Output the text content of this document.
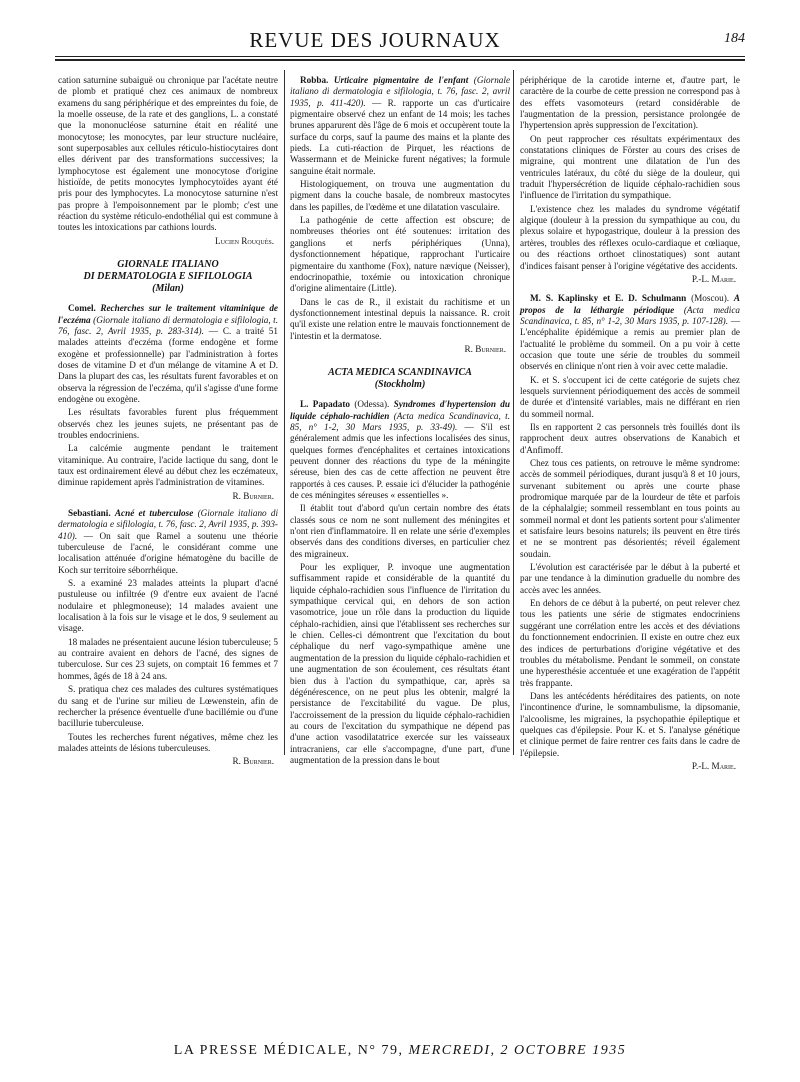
REVUE DES JOURNAUX	184

cation saturnine subaiguë ou chronique par l'acétate neutre de plomb et pratiqué chez ces animaux de nombreux examens du sang périphérique et des empreintes du foie, de la moelle osseuse, de la rate et des ganglions, L. a constaté que la mononucléose saturnine était en réalité une monocytose; les monocytes, par leur structure nucléaire, sont superposables aux cellules réticulo-histiocytaires dont elles dérivent par des transformations successives; la lymphocytose est également une monocytose d'origine histioïde, de petits monocytes lymphocytoïdes ayant été pris pour des lymphocytes. La monocytose saturnine n'est pas propre à l'empoisonnement par le plomb; c'est une réaction du système réticulo-endothélial qui est commune à toutes les intoxications par cathions lourds.

Lucien Rouquès.

GIORNALE ITALIANO
DI DERMATOLOGIA E SIFILOLOGIA
(Milan)

Comel. Recherches sur le traitement vitaminique de l'eczéma (Giornale italiano di dermatologia e sifilologia, t. 76, fasc. 2, Avril 1935, p. 283-314). — C. a traité 51 malades atteints d'eczéma (forme endogène et forme exogène et professionnelle) par l'administration à fortes doses de vitamine D et d'un mélange de vitamine A et D. Dans la plupart des cas, les résultats furent favorables et on observa la régression de l'eczéma, qu'il s'agisse d'une forme endogène ou exogène.

Les résultats favorables furent plus fréquemment observés chez les jeunes sujets, ne présentant pas de troubles endocriniens.

La calcémie augmente pendant le traitement vitaminique. Au contraire, l'acide lactique du sang, dont le taux est ordinairement élevé au début chez les eczémateux, diminue rapidement après l'administration de vitamines.

R. Burnier.

Sebastiani. Acné et tuberculose (Giornale italiano di dermatologia e sifilologia, t. 76, fasc. 2, Avril 1935, p. 393-410). — On sait que Ramel a soutenu une théorie tuberculeuse de l'acné, le considérant comme une localisation atténuée d'origine hématogène du bacille de Koch sur territoire séborrhéique.

S. a examiné 23 malades atteints la plupart d'acné pustuleuse ou infiltrée (9 d'entre eux avaient de l'acné nodulaire et phlegmoneuse); 14 malades avaient une localisation à la fois sur le visage et le dos, 9 seulement au visage.

18 malades ne présentaient aucune lésion tuberculeuse; 5 au contraire avaient en dehors de l'acné, des signes de tuberculose. Sur ces 23 sujets, on comptait 16 femmes et 7 hommes, âgés de 18 à 24 ans.

S. pratiqua chez ces malades des cultures systématiques du sang et de l'urine sur milieu de Lœwenstein, afin de rechercher la présence éventuelle d'une bacillémie ou d'une bacillurie tuberculeuse.

Toutes les recherches furent négatives, même chez les malades atteints de lésions tuberculeuses.

R. Burnier.

Robba. Urticaire pigmentaire de l'enfant (Giornale italiano di dermatologia e sifilologia, t. 76, fasc. 2, avril 1935, p. 411-420). — R. rapporte un cas d'urticaire pigmentaire observé chez un enfant de 14 mois; les taches brunes apparurent dès l'âge de 6 mois et occupèrent toute la surface du corps, sauf la paume des mains et la plante des pieds. La cuti-réaction de Pirquet, les réactions de Wassermann et de Meinicke furent négatives; la formule sanguine était normale.

Histologiquement, on trouva une augmentation du pigment dans la couche basale, de nombreux mastocytes dans les papilles, de l'œdème et une dilatation vasculaire.

La pathogénie de cette affection est obscure; de nombreuses théories ont été soutenues: irritation des ganglions et nerfs périphériques (Unna), dysfonctionnement hépatique, rapprochant l'urticaire pigmentaire du xanthome (Fox), nature nævique (Neisser), endocrinopathie, toxémie ou intoxication chronique d'origine alimentaire (Little).

Dans le cas de R., il existait du rachitisme et un dysfonctionnement intestinal depuis la naissance. R. croit qu'il existe une relation entre le mauvais fonctionnement de l'intestin et la dermatose.

R. Burnier.

ACTA MEDICA SCANDINAVICA
(Stockholm)

L. Papadato (Odessa). Syndromes d'hypertension du liquide céphalo-rachidien (Acta medica Scandinavica, t. 85, n° 1-2, 30 Mars 1935, p. 33-49). — S'il est généralement admis que les infections localisées des sinus, quelques formes d'encéphalites et certaines intoxications peuvent donner des réactions du type de la méningite séreuse, bien des cas de cette affection ne peuvent être rapportés à ces causes. P. essaie ici d'élucider la pathogénie de ces méningites séreuses « essentielles ».

Il établit tout d'abord qu'un certain nombre des états classés sous ce nom ne sont nullement des méningites et n'ont rien d'inflammatoire. Il en relate une série d'exemples observés dans des conditions diverses, en particulier chez des migraineux.

Pour les expliquer, P. invoque une augmentation suffisamment rapide et considérable de la quantité du liquide céphalo-rachidien sous l'influence de l'irritation du sympathique cervical qui, en dehors de son action vasomotrice, joue un rôle dans la production du liquide céphalo-rachidien, ainsi que l'établissent ses recherches sur le chien. Celles-ci démontrent que l'excitation du bout céphalique du nerf vago-sympathique amène une augmentation de la pression du liquide céphalo-rachidien et une augmentation de son écoulement, ces résultats étant bien dus à l'action du sympathique, car, après sa dégénérescence, on ne peut plus les obtenir, malgré la persistance de l'excitabilité du vague. De plus, l'accroissement de la pression du liquide céphalo-rachidien au cours de l'excitation du sympathique ne dépend pas d'une action vasodilatatrice exercée sur les vaisseaux intracraniens, car elle s'accompagne, d'une part, d'une augmentation de la pression dans le bout

périphérique de la carotide interne et, d'autre part, le caractère de la courbe de cette pression ne correspond pas à des effets vasomoteurs (retard considérable de l'augmentation de la pression, persistance prolongée de l'hypertension après suppression de l'excitation).

On peut rapprocher ces résultats expérimentaux des constatations cliniques de Förster au cours des crises de migraine, qui montrent une dilatation de l'un des ventricules latéraux, du côté du siège de la douleur, qui traduit l'hypersécrétion de liquide céphalo-rachidien sous l'influence de l'irritation du sympathique.

L'existence chez les malades du syndrome végétatif algique (douleur à la pression du sympathique au cou, du plexus solaire et hypogastrique, douleur à la pression des artères, troubles des réflexes oculo-cardiaque et cœliaque, ou des réactions orthoet clinostatiques) sont autant d'indices faisant penser à l'origine végétative des accidents.

P.-L. Marie.

M. S. Kaplinsky et E. D. Schulmann (Moscou). A propos de la léthargie périodique (Acta medica Scandinavica, t. 85, n° 1-2, 30 Mars 1935, p. 107-128). — L'encéphalite épidémique a remis au premier plan de l'actualité le problème du sommeil. On a pu voir à cette occasion que toute une série de troubles du sommeil observés en clinique n'ont rien à voir avec cette maladie.

K. et S. s'occupent ici de cette catégorie de sujets chez lesquels surviennent périodiquement des accès de sommeil de durée et d'intensité variables, mais ne différant en rien du sommeil normal.

Ils en rapportent 2 cas personnels très fouillés dont ils rapprochent deux autres observations de Kanabich et d'Anfimoff.

Chez tous ces patients, on retrouve le même syndrome: accès de sommeil périodiques, durant jusqu'à 8 et 10 jours, survenant subitement ou après une courte phase prodromique marquée par de la lourdeur de tête et parfois de la céphalalgie; sommeil ressemblant en tous points au sommeil normal et dont les patients sortent pour s'alimenter et satisfaire leurs besoins naturels; ils peuvent en être tirés et ne se montrent pas désorientés; réveil également soudain.

L'évolution est caractérisée par le début à la puberté et par une tendance à la diminution graduelle du nombre des accès avec les années.

En dehors de ce début à la puberté, on peut relever chez tous les patients une série de stigmates endocriniens suggérant une corrélation entre les accès et des déviations du fonctionnement endocrinien. Il existe en outre chez eux des indices de perturbations d'origine végétative et des troubles du métabolisme. Pendant le sommeil, on constate une hyperesthésie accentuée et une exagération de l'appétit très frappante.

Dans les antécédents héréditaires des patients, on note l'incontinence d'urine, le somnambulisme, la dipsomanie, l'alcoolisme, les migraines, la psychopathie épileptique et quelques cas d'épilepsie. Pour K. et S. l'analyse génétique et clinique permet de faire rentrer ces faits dans le cadre de l'épilepsie.

P.-L. Marie.

LA PRESSE MÉDICALE, N° 79, MERCREDI, 2 OCTOBRE 1935
